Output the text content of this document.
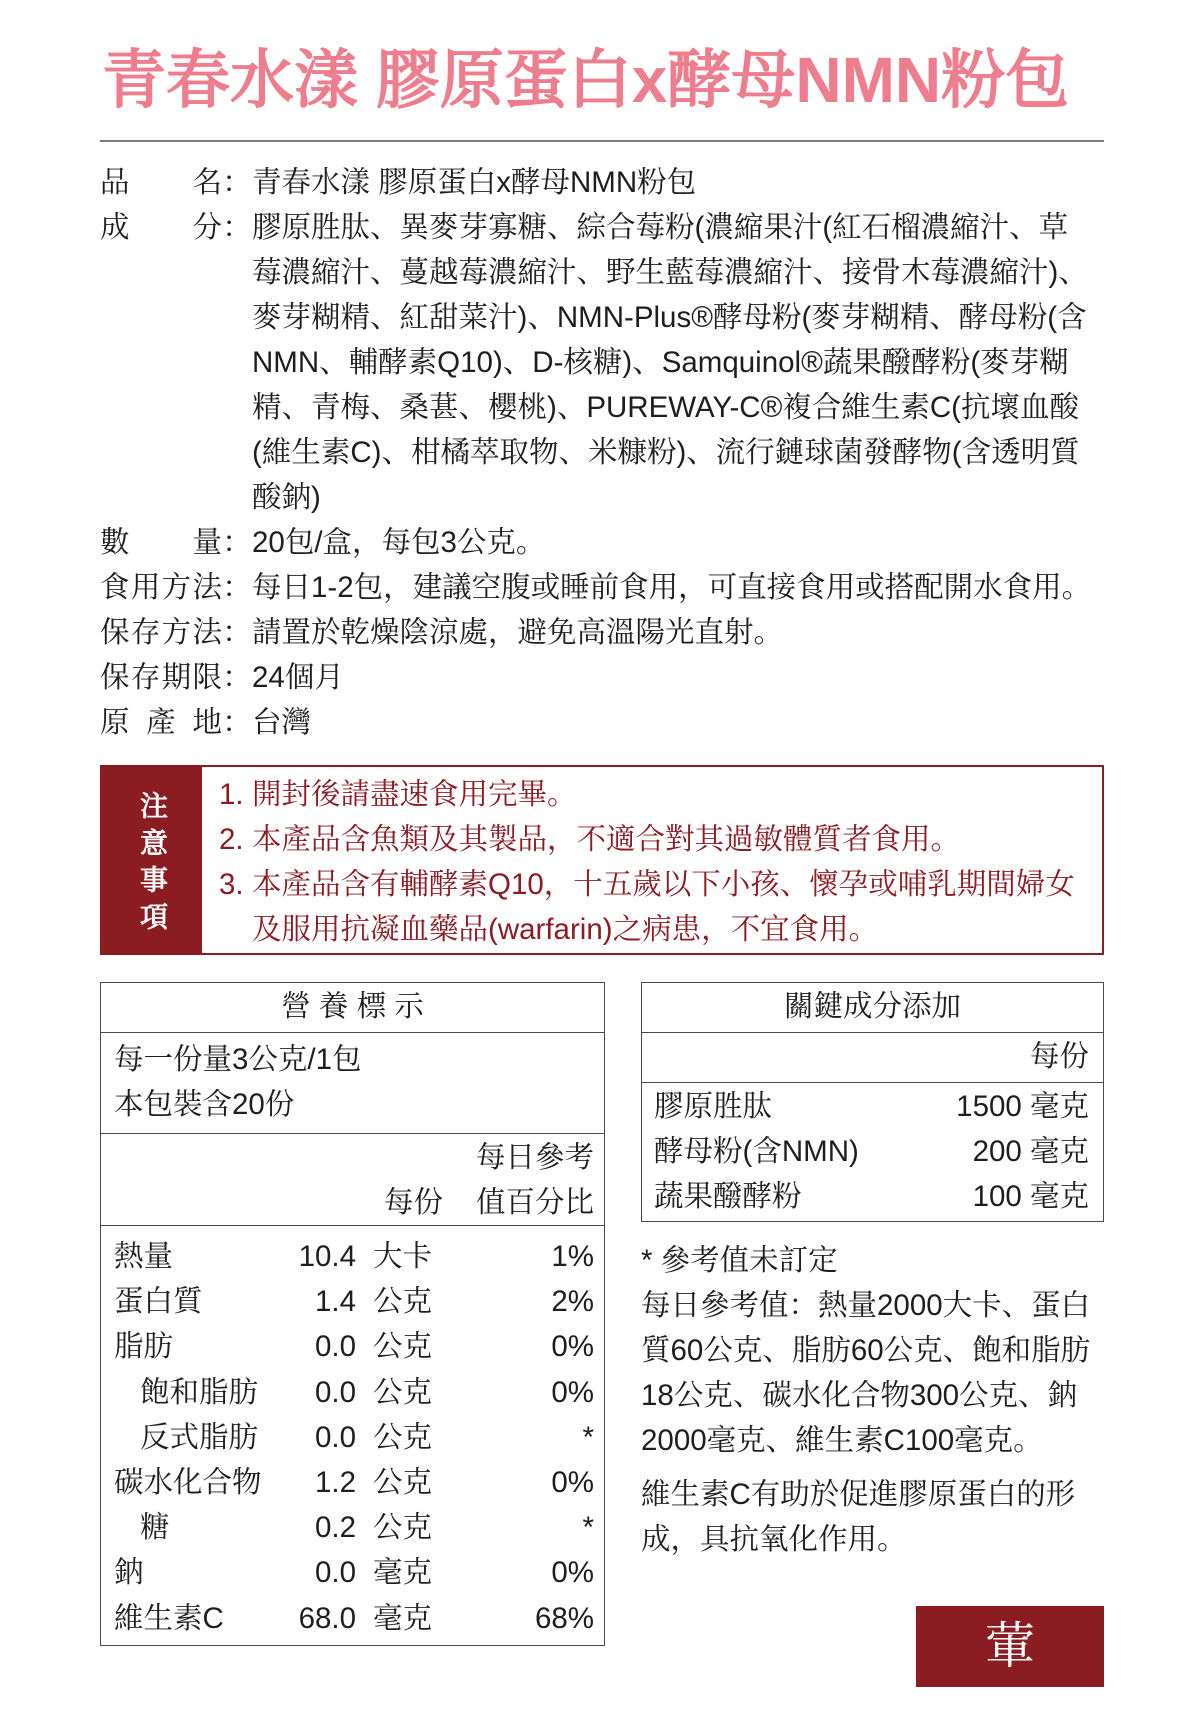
青春水漾 膠原蛋白x酵母NMN粉包
品 名 ： 青春水漾 膠原蛋白x酵母NMN粉包
成 分 ： 膠原胜肽、異麥芽寡糖、綜合莓粉(濃縮果汁(紅石榴濃縮汁、草
莓濃縮汁、蔓越莓濃縮汁、野生藍莓濃縮汁、接骨木莓濃縮汁)、
麥芽糊精、紅甜菜汁)、NMN-Plus®酵母粉(麥芽糊精、酵母粉(含
NMN、輔酵素Q10)、D-核糖)、Samquinol®蔬果醱酵粉(麥芽糊
精、青梅、桑葚、櫻桃)、PUREWAY-C®複合維生素C(抗壞血酸
(維生素C)、柑橘萃取物、米糠粉)、流行鏈球菌發酵物(含透明質
酸鈉)
數 量 ： 20包/盒，每包3公克。
食用方法 ： 每日1-2包，建議空腹或睡前食用，可直接食用或搭配開水食用。
保存方法 ： 請置於乾燥陰涼處，避免高溫陽光直射。
保存期限 ： 24個月
原 產 地 ： 台灣
注意事項 1. 開封後請盡速食用完畢。
2. 本產品含魚類及其製品，不適合對其過敏體質者食用。
3. 本產品含有輔酵素Q10，十五歲以下小孩、懷孕或哺乳期間婦女
及服用抗凝血藥品(warfarin)之病患，不宜食用。
營 養 標 示
每一份量3公克/1包
本包裝含20份
每日參考
每份 值百分比
熱量	10.4 大卡	1%
蛋白質	1.4 公克	2%
脂肪	0.0 公克	0%
飽和脂肪	0.0 公克	0%
反式脂肪	0.0 公克	*
碳水化合物	1.2 公克	0%
糖	0.2 公克	*
鈉	0.0 毫克	0%
維生素C	68.0 毫克	68%
關鍵成分添加
每份
膠原胜肽	1500 毫克
酵母粉(含NMN)	200 毫克
蔬果醱酵粉	100 毫克
* 參考值未訂定
每日參考值：熱量2000大卡、蛋白
質60公克、脂肪60公克、飽和脂肪
18公克、碳水化合物300公克、鈉
2000毫克、維生素C100毫克。
維生素C有助於促進膠原蛋白的形
成，具抗氧化作用。
葷
